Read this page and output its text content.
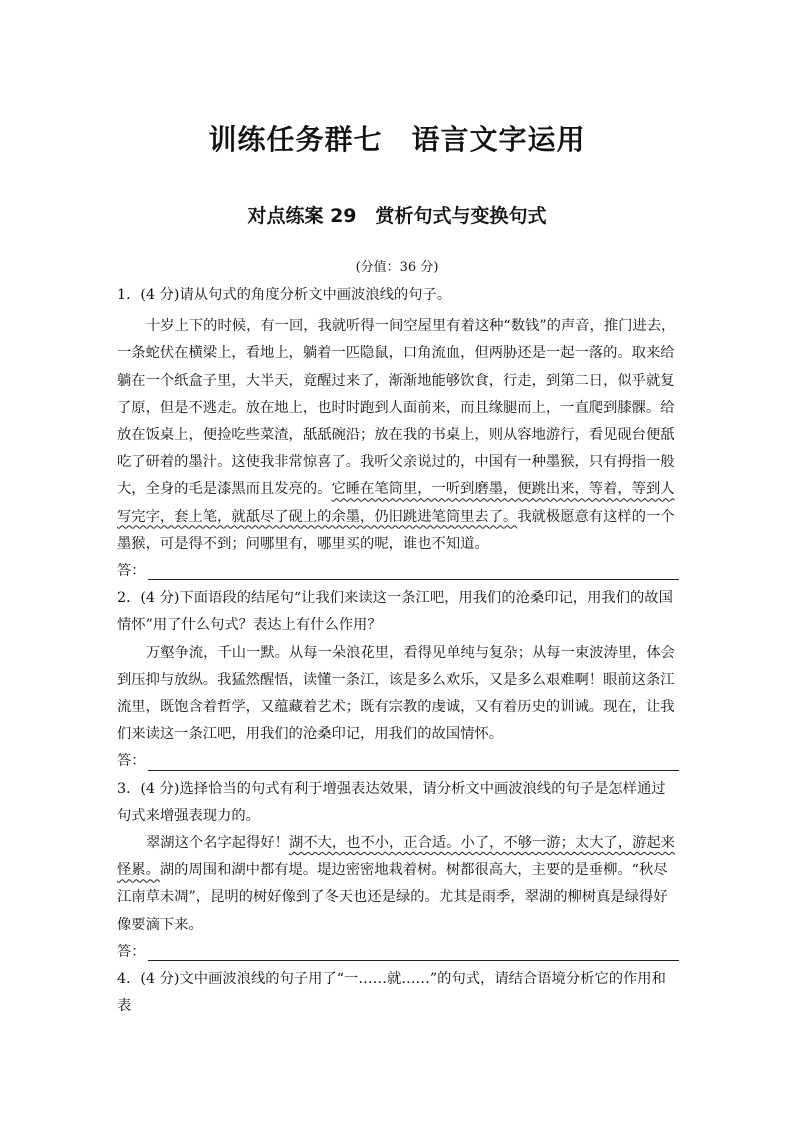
训练任务群七　语言文字运用
对点练案 29　赏析句式与变换句式
(分值：36 分)

1．(4 分)请从句式的角度分析文中画波浪线的句子。

十岁上下的时候，有一回，我就听得一间空屋里有着这种“数钱”的声音，推门进去，一条蛇伏在横梁上，看地上，躺着一匹隐鼠，口角流血，但两胁还是一起一落的。取来给躺在一个纸盒子里，大半天，竟醒过来了，渐渐地能够饮食，行走，到第二日，似乎就复了原，但是不逃走。放在地上，也时时跑到人面前来，而且缘腿而上，一直爬到膝髁。给放在饭桌上，便捡吃些菜渣，舐舐碗沿；放在我的书桌上，则从容地游行，看见砚台便舐吃了研着的墨汁。这使我非常惊喜了。我听父亲说过的，中国有一种墨猴，只有拇指一般大，全身的毛是漆黑而且发亮的。它睡在笔筒里，一听到磨墨，便跳出来，等着，等到人写完字，套上笔，就舐尽了砚上的余墨，仍旧跳进笔筒里去了。我就极愿意有这样的一个墨猴，可是得不到；问哪里有，哪里买的呢，谁也不知道。

答：

2．(4 分)下面语段的结尾句“让我们来读这一条江吧，用我们的沧桑印记，用我们的故国情怀”用了什么句式？表达上有什么作用？

万壑争流，千山一默。从每一朵浪花里，看得见单纯与复杂；从每一束波涛里，体会到压抑与放纵。我猛然醒悟，读懂一条江，该是多么欢乐，又是多么艰难啊！眼前这条江流里，既饱含着哲学，又蕴藏着艺术；既有宗教的虔诚，又有着历史的训诫。现在，让我们来读这一条江吧，用我们的沧桑印记，用我们的故国情怀。

答：

3．(4 分)选择恰当的句式有利于增强表达效果，请分析文中画波浪线的句子是怎样通过句式来增强表现力的。

翠湖这个名字起得好！湖不大，也不小，正合适。小了，不够一游；太大了，游起来怪累。湖的周围和湖中都有堤。堤边密密地栽着树。树都很高大，主要的是垂柳。“秋尽江南草未凋”，昆明的树好像到了冬天也还是绿的。尤其是雨季，翠湖的柳树真是绿得好像要滴下来。

答：

4．(4 分)文中画波浪线的句子用了“一……就……”的句式，请结合语境分析它的作用和表
